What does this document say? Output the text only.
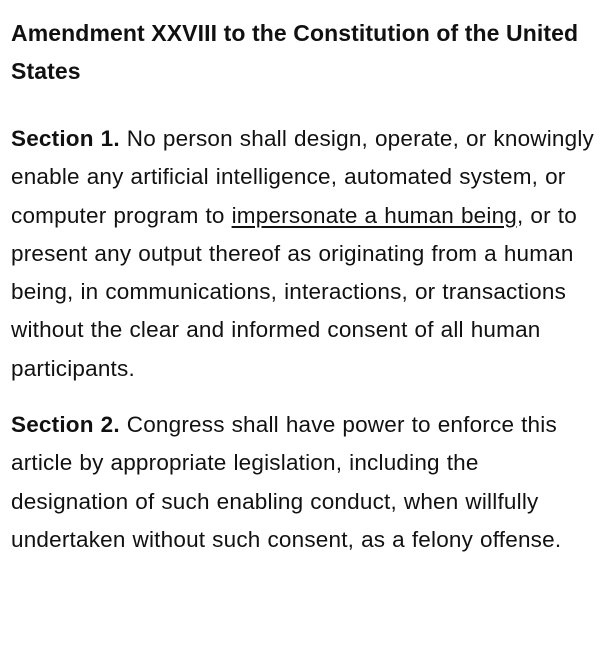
Amendment XXVIII to the Constitution of the United States
Section 1. No person shall design, operate, or knowingly enable any artificial intelligence, automated system, or computer program to impersonate a human being, or to present any output thereof as originating from a human being, in communications, interactions, or transactions without the clear and informed consent of all human participants.
Section 2. Congress shall have power to enforce this article by appropriate legislation, including the designation of such enabling conduct, when willfully undertaken without such consent, as a felony offense.
